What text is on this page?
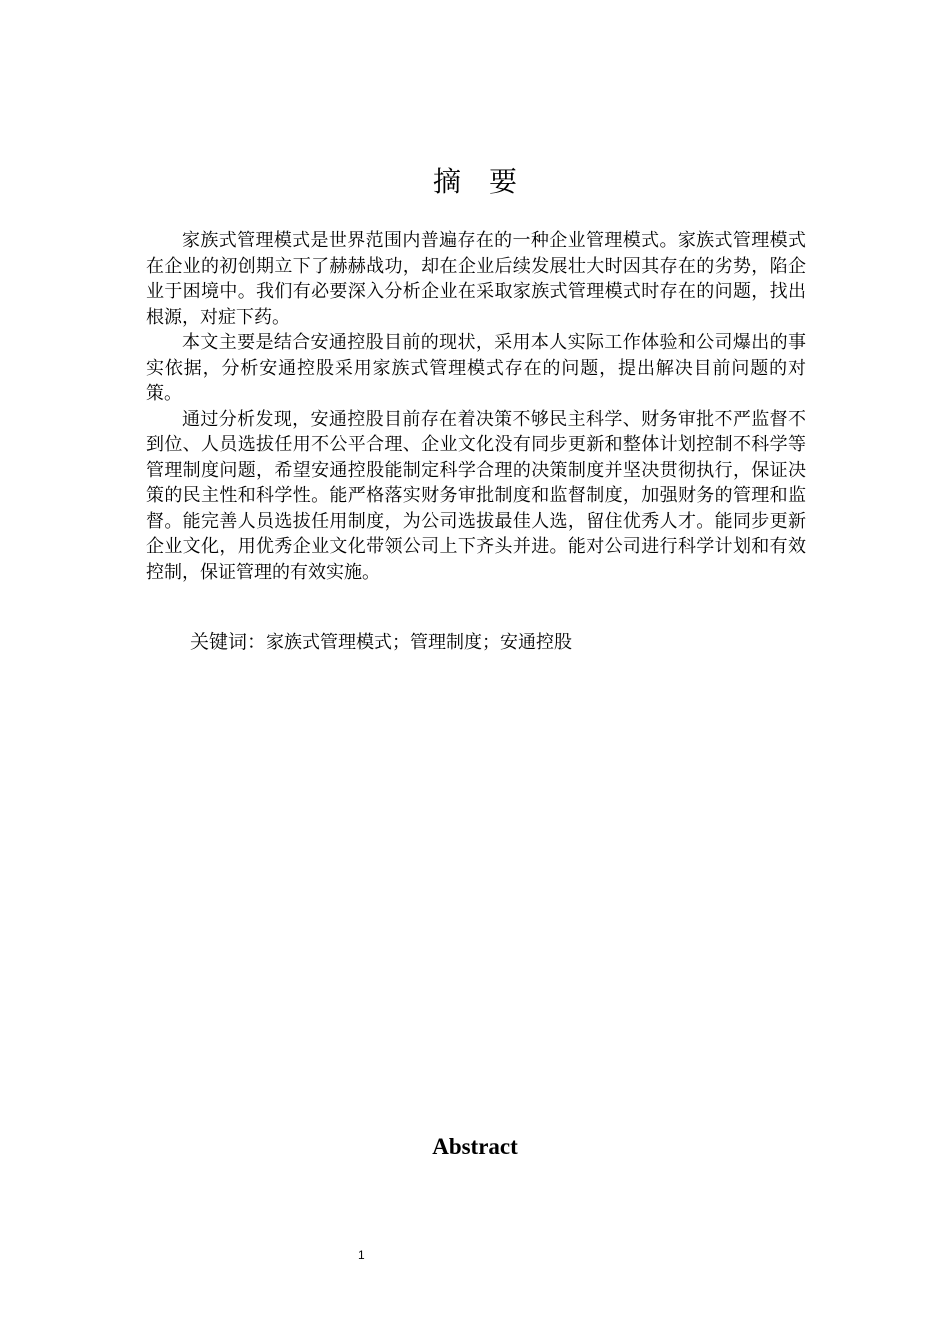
摘要

家族式管理模式是世界范围内普遍存在的一种企业管理模式。家族式管理模式在企业的初创期立下了赫赫战功，却在企业后续发展壮大时因其存在的劣势，陷企业于困境中。我们有必要深入分析企业在采取家族式管理模式时存在的问题，找出根源，对症下药。

本文主要是结合安通控股目前的现状，采用本人实际工作体验和公司爆出的事实依据，分析安通控股采用家族式管理模式存在的问题，提出解决目前问题的对策。

通过分析发现，安通控股目前存在着决策不够民主科学、财务审批不严监督不到位、人员选拔任用不公平合理、企业文化没有同步更新和整体计划控制不科学等管理制度问题，希望安通控股能制定科学合理的决策制度并坚决贯彻执行，保证决策的民主性和科学性。能严格落实财务审批制度和监督制度，加强财务的管理和监督。能完善人员选拔任用制度，为公司选拔最佳人选，留住优秀人才。能同步更新企业文化，用优秀企业文化带领公司上下齐头并进。能对公司进行科学计划和有效控制，保证管理的有效实施。

关键词：家族式管理模式；管理制度；安通控股
Abstract
1
